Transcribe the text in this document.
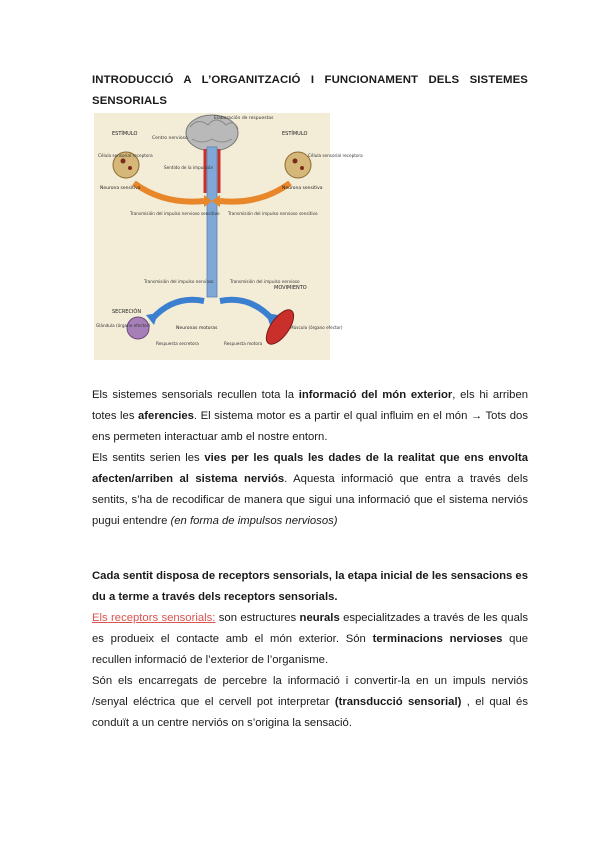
INTRODUCCIÓ A L’ORGANITZACIÓ I FUNCIONAMENT DELS SISTEMES SENSORIALS
Elaboración de respuestas
ESTÍMULO	ESTÍMULO
Centro nervioso
Célula sensorial receptora	Célula sensorial receptora
Sentido de la impulsión
Neurona sensitiva	Neurona sensitiva
Transmisión del impulso nervioso sensitivo Transmisión del impulso nervioso sensitivo
Transmisión del impulso nervioso	Transmisión del impulso nervioso
MOVIMIENTO
SECRECIÓN
Glándula (órgano efector)
Neuronas motoras	Músculo (órgano efector)
Respuesta secretora	Respuesta motora

Els sistemes sensorials recullen tota la informació del món exterior, els hi arriben totes les aferencies. El sistema motor es a partir el qual influim en el món → Tots dos ens permeten interactuar amb el nostre entorn.

Els sentits serien les vies per les quals les dades de la realitat que ens envolta afecten/arriben al sistema nerviós. Aquesta informació que entra a través dels sentits, s’ha de recodificar de manera que sigui una informació que el sistema nerviós pugui entendre (en forma de impulsos nerviosos)

Cada sentit disposa de receptors sensorials, la etapa inicial de les sensacions es du a terme a través dels receptors sensorials.

Els receptors sensorials: son estructures neurals especialitzades a través de les quals es produeix el contacte amb el món exterior. Són terminacions nervioses que recullen informació de l’exterior de l’organisme.

Són els encarregats de percebre la informació i convertir-la en un impuls nerviós /senyal eléctrica que el cervell pot interpretar (transducció sensorial) , el qual és conduït a un centre nerviós on s’origina la sensació.
